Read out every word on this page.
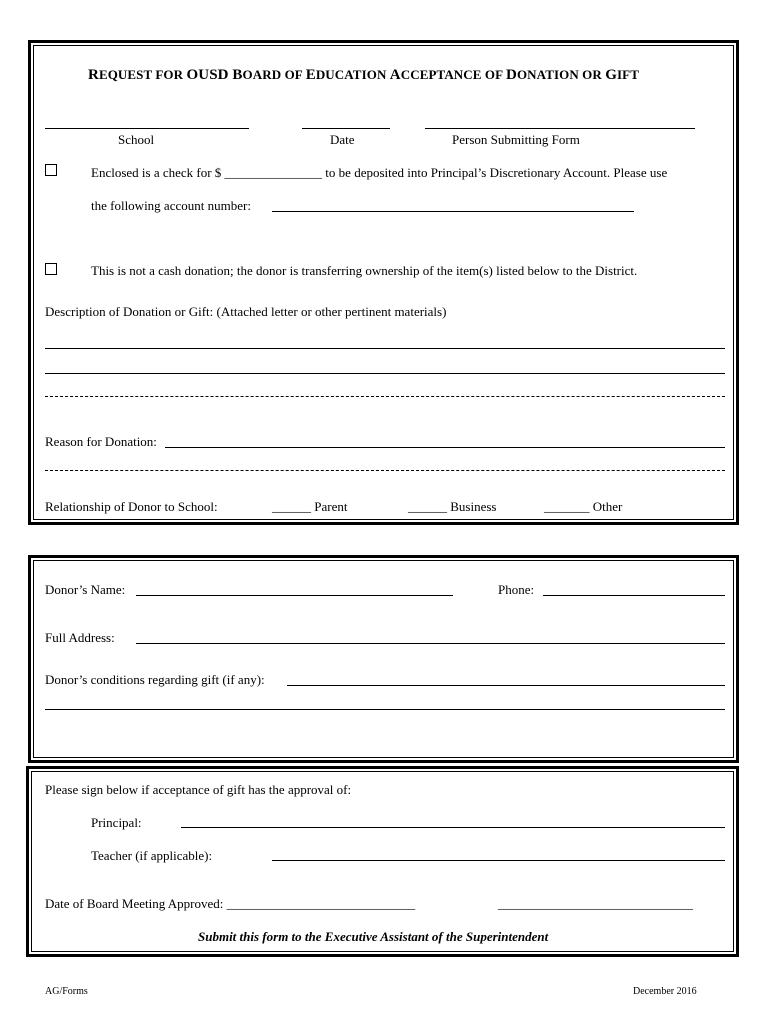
REQUEST FOR OUSD BOARD OF EDUCATION ACCEPTANCE OF DONATION OR GIFT
School	Date	Person Submitting Form
Enclosed is a check for $ _______________ to be deposited into Principal’s Discretionary Account. Please use
the following account number:
This is not a cash donation; the donor is transferring ownership of the item(s) listed below to the District.
Description of Donation or Gift: (Attached letter or other pertinent materials)
Reason for Donation:
Relationship of Donor to School:	______ Parent	______ Business	_______ Other
Donor’s Name:	Phone:
Full Address:
Donor’s conditions regarding gift (if any):
Please sign below if acceptance of gift has the approval of:
Principal:
Teacher (if applicable):
Date of Board Meeting Approved: _____________________________	______________________________
Submit this form to the Executive Assistant of the Superintendent
AG/Forms	December 2016
